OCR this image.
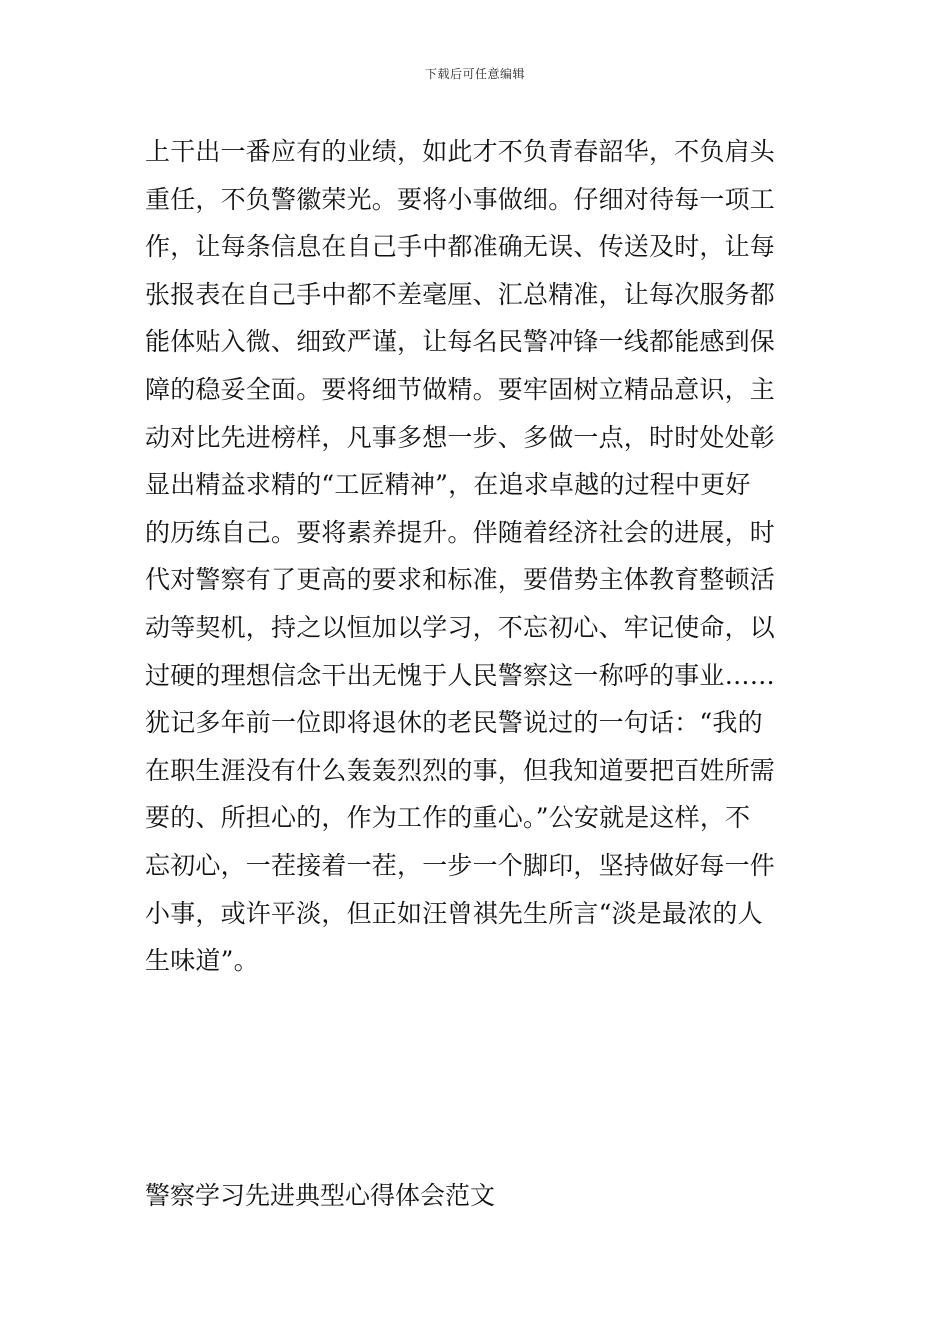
下载后可任意编辑
上干出一番应有的业绩，如此才不负青春韶华，不负肩头
重任，不负警徽荣光。要将小事做细。仔细对待每一项工
作，让每条信息在自己手中都准确无误、传送及时，让每
张报表在自己手中都不差毫厘、汇总精准，让每次服务都
能体贴入微、细致严谨，让每名民警冲锋一线都能感到保
障的稳妥全面。要将细节做精。要牢固树立精品意识，主
动对比先进榜样，凡事多想一步、多做一点，时时处处彰
显出精益求精的“工匠精神”，在追求卓越的过程中更好
的历练自己。要将素养提升。伴随着经济社会的进展，时
代对警察有了更高的要求和标准，要借势主体教育整顿活
动等契机，持之以恒加以学习，不忘初心、牢记使命，以
过硬的理想信念干出无愧于人民警察这一称呼的事业……
犹记多年前一位即将退休的老民警说过的一句话：“我的
在职生涯没有什么轰轰烈烈的事，但我知道要把百姓所需
要的、所担心的，作为工作的重心。”公安就是这样，不
忘初心，一茬接着一茬，一步一个脚印，坚持做好每一件
小事，或许平淡，但正如汪曾祺先生所言“淡是最浓的人
生味道”。
警察学习先进典型心得体会范文
